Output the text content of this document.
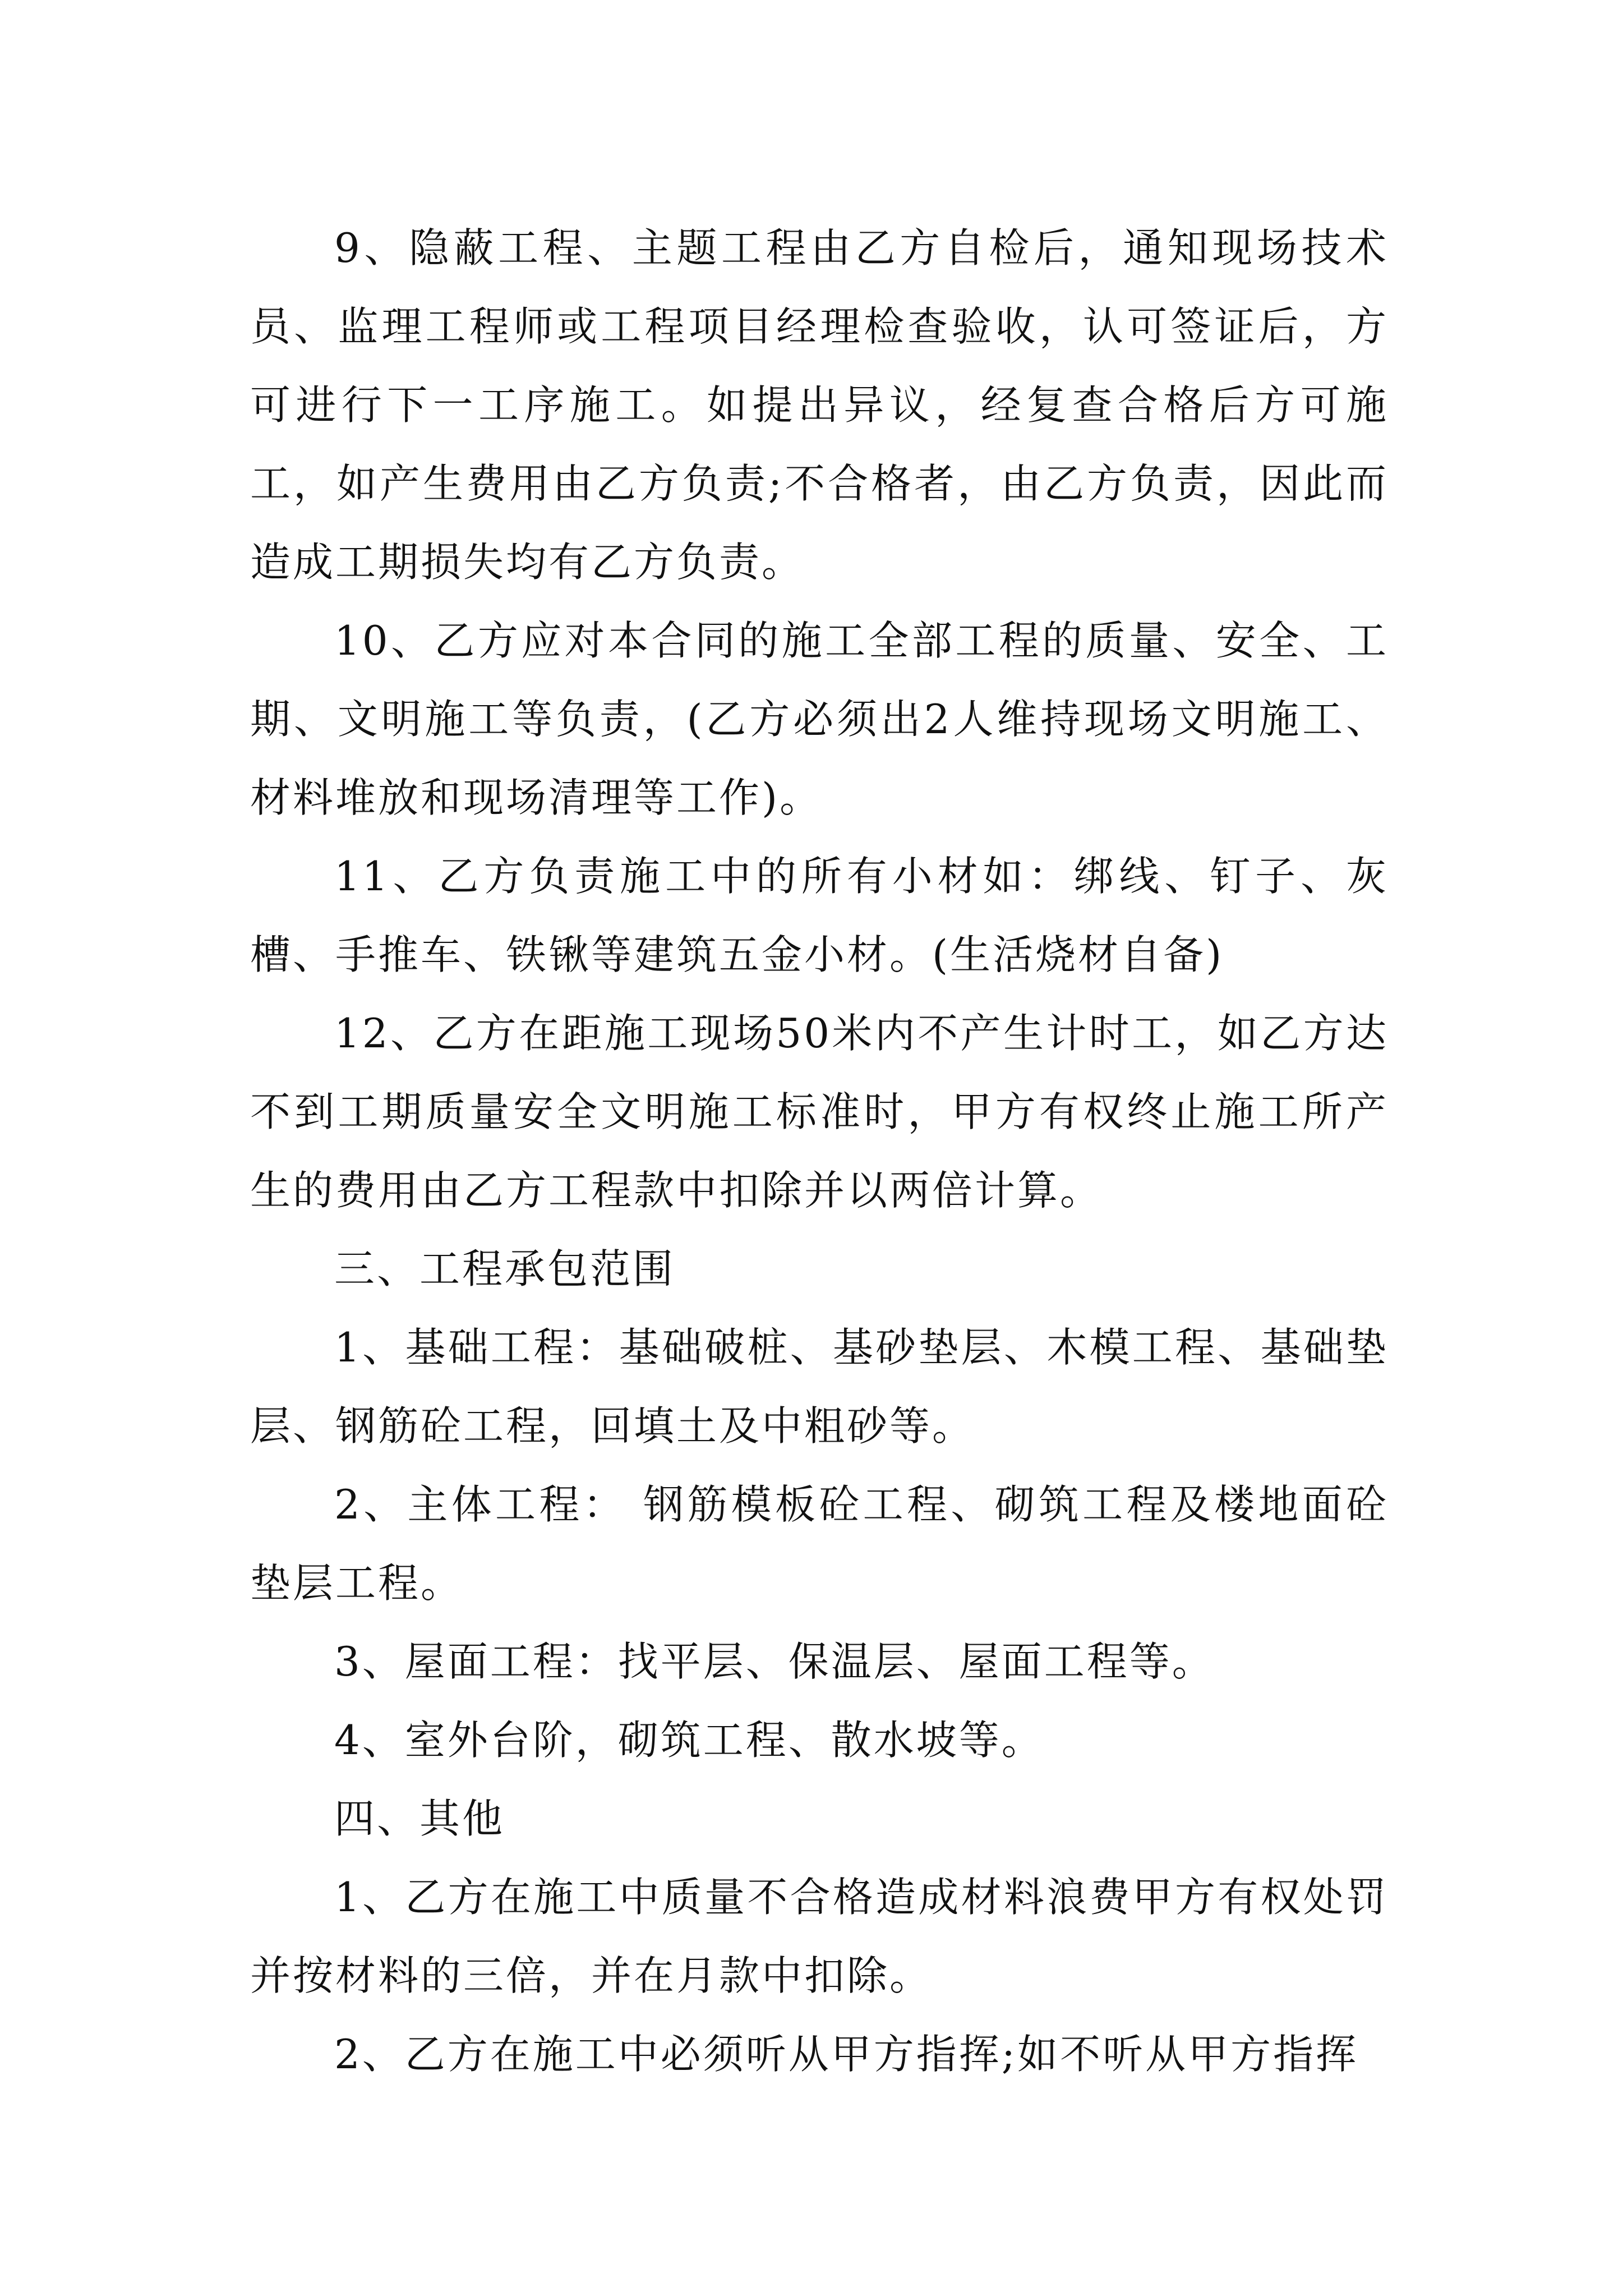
9、隐蔽工程、主题工程由乙方自检后，通知现场技术员、监理工程师或工程项目经理检查验收，认可签证后，方可进行下一工序施工。如提出异议，经复查合格后方可施工，如产生费用由乙方负责;不合格者，由乙方负责，因此而造成工期损失均有乙方负责。

10、乙方应对本合同的施工全部工程的质量、安全、工期、文明施工等负责，(乙方必须出2人维持现场文明施工、材料堆放和现场清理等工作)。

11、乙方负责施工中的所有小材如：绑线、钉子、灰槽、手推车、铁锹等建筑五金小材。(生活烧材自备)

12、乙方在距施工现场50米内不产生计时工，如乙方达不到工期质量安全文明施工标准时，甲方有权终止施工所产生的费用由乙方工程款中扣除并以两倍计算。

三、工程承包范围

1、基础工程：基础破桩、基砂垫层、木模工程、基础垫层、钢筋砼工程，回填土及中粗砂等。

2、主体工程： 钢筋模板砼工程、砌筑工程及楼地面砼垫层工程。

3、屋面工程：找平层、保温层、屋面工程等。

4、室外台阶，砌筑工程、散水坡等。

四、其他

1、乙方在施工中质量不合格造成材料浪费甲方有权处罚并按材料的三倍，并在月款中扣除。

2、乙方在施工中必须听从甲方指挥;如不听从甲方指挥
